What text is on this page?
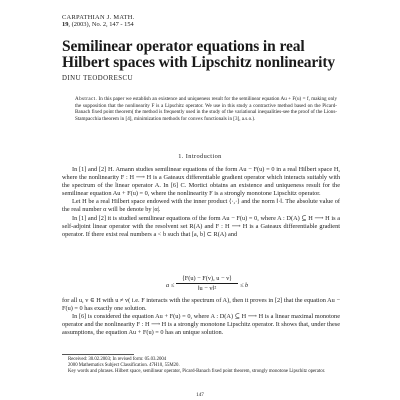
CARPATHIAN J. MATH.
19, (2003), No. 2, 147 - 154
Semilinear operator equations in real Hilbert spaces with Lipschitz nonlinearity
DINU TEODORESCU
Abstract. In this paper we establish an existence and uniqueness result for the semilinear equation Au + F(u) = f, making only the supposition that the nonlinearity F is a Lipschitz operator. We use in this study a contractive method based on the Picard-Banach fixed point theorem( the method is frequently used in the study of the variational inequalities-see the proof of the Lions-Stampacchia theorem in [4], minimization methods for convex functionals in [3], a.s.o.).
1. Introduction

In [1] and [2] H. Amann studies semilinear equations of the form Au − F(u) = 0 in a real Hilbert space H, where the nonlinearity F : H ⟶ H is a Gateaux differentiable gradient operator which interacts suitably with the spectrum of the linear operator A. In [6] C. Mortici obtains an existence and uniqueness result for the semilinear equation Au + F(u) = 0, where the nonlinearity F is a strongly monotone Lipschitz operator.

Let H be a real Hilbert space endowed with the inner product ⟨·,·⟩ and the norm ‖·‖. The absolute value of the real number α will be denote by |α|.

In [1] and [2] it is studied semilinear equations of the form Au − F(u) = 0, where A : D(A) ⊆ H ⟶ H is a self-adjoint linear operator with the resolvent set R(A) and F : H ⟶ H is a Gateaux differentiable gradient operator. If there exist real numbers a < b such that [a, b] ⊂ R(A) and

$a \le \frac{⟨F(u) - F(v), u - v⟩}{\text{‖u − v‖²}} \le b$

for all u, v ∈ H with u ≠ v( i.e. F interacts with the spectrum of A), then it proves in [2] that the equation Au − F(u) = 0 has exactly one solution.

In [6] is considered the equation Au + F(u) = 0, where A : D(A) ⊆ H ⟶ H is a linear maximal monotone operator and the nonlinearity F : H ⟶ H is a strongly monotone Lipschitz operator. It shows that, under these assumptions, the equation Au + F(u) = 0 has an unique solution.

Received: 30.02.2003; In revised form: 05.03.2004
2000 Mathematics Subject Classification. 47H10, 55M20.
Key words and phrases. Hilbert space, semilinear operator, Picard-Banach fixed point theorem, strongly monotone Lipschitz operator.
147
